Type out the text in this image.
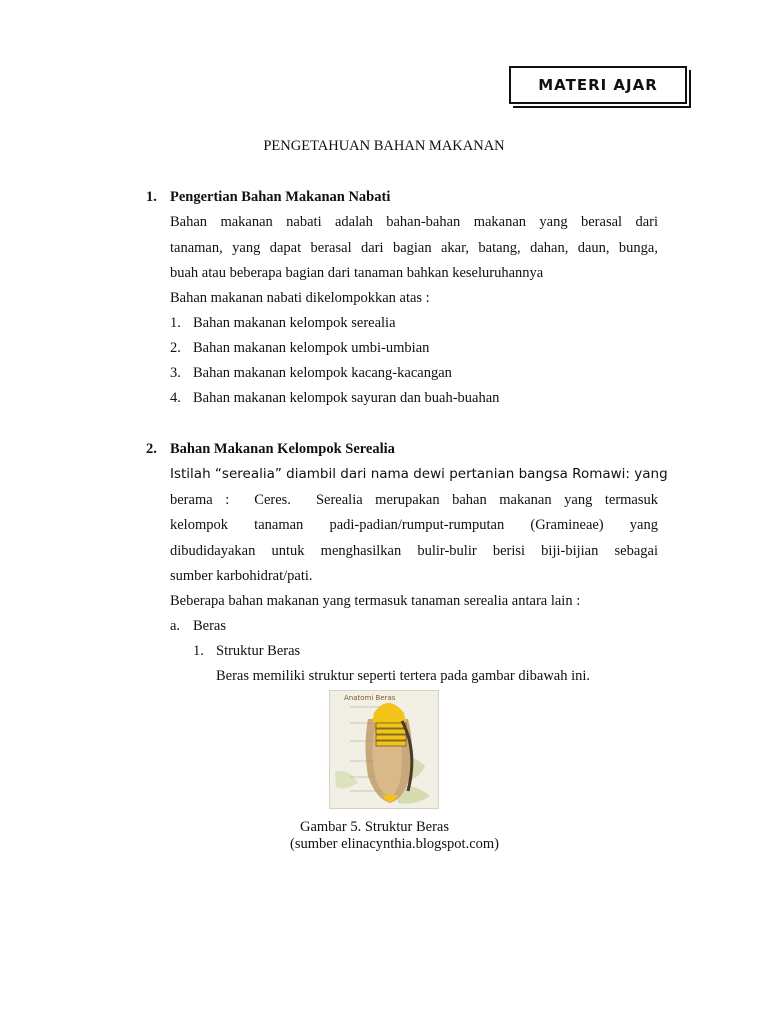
MATERI AJAR
PENGETAHUAN BAHAN MAKANAN
1. Pengertian Bahan Makanan Nabati
Bahan makanan nabati adalah bahan-bahan makanan yang berasal dari
tanaman, yang dapat berasal dari bagian akar, batang, dahan, daun, bunga,
buah atau beberapa bagian dari tanaman bahkan keseluruhannya
Bahan makanan nabati dikelompokkan atas :
1. Bahan makanan kelompok serealia
2. Bahan makanan kelompok umbi-umbian
3. Bahan makanan kelompok kacang-kacangan
4. Bahan makanan kelompok sayuran dan buah-buahan
2. Bahan Makanan Kelompok Serealia
Istilah “serealia” diambil dari nama dewi pertanian bangsa Romawi: yang
berama :  Ceres.  Serealia merupakan bahan makanan yang termasuk
kelompok tanaman padi-padian/rumput-rumputan (Gramineae) yang
dibudidayakan untuk menghasilkan bulir-bulir berisi biji-bijian sebagai
sumber karbohidrat/pati.
Beberapa bahan makanan yang termasuk tanaman serealia antara lain :
a. Beras
1. Struktur Beras
Beras memiliki struktur seperti tertera pada gambar dibawah ini.
Anatomi Beras
Gambar 5. Struktur Beras
(sumber elinacynthia.blogspot.com)
